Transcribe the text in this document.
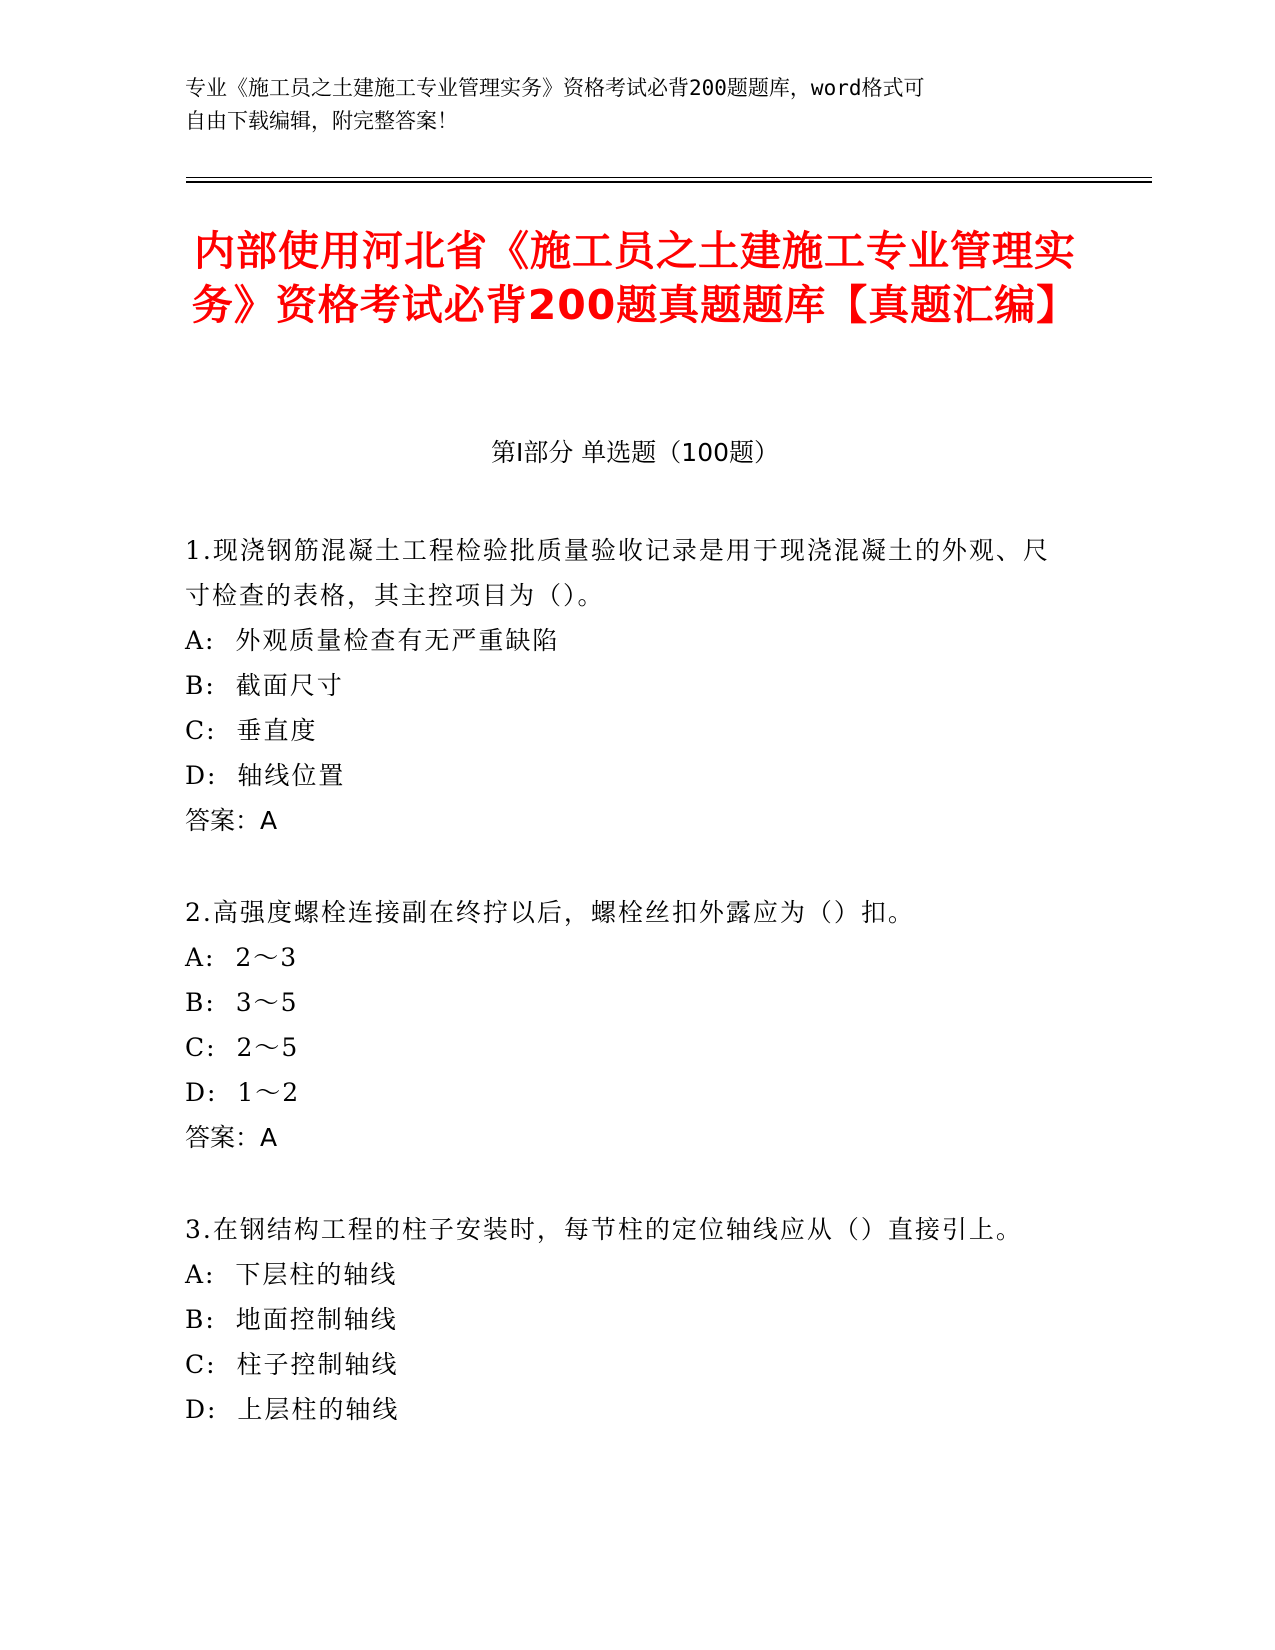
专业《施工员之土建施工专业管理实务》资格考试必背200题题库，word格式可
自由下载编辑，附完整答案！
内部使用河北省《施工员之土建施工专业管理实务》资格考试必背200题真题题库【真题汇编】
第Ⅰ部分 单选题（100题）

1.现浇钢筋混凝土工程检验批质量验收记录是用于现浇混凝土的外观、尺寸检查的表格，其主控项目为（）。

A:  外观质量检查有无严重缺陷

B:  截面尺寸

C:  垂直度

D:  轴线位置

答案：A

2.高强度螺栓连接副在终拧以后，螺栓丝扣外露应为（）扣。

A:  2～3

B:  3～5

C:  2～5

D:  1～2

答案：A

3.在钢结构工程的柱子安装时，每节柱的定位轴线应从（）直接引上。

A:  下层柱的轴线

B:  地面控制轴线

C:  柱子控制轴线

D:  上层柱的轴线
